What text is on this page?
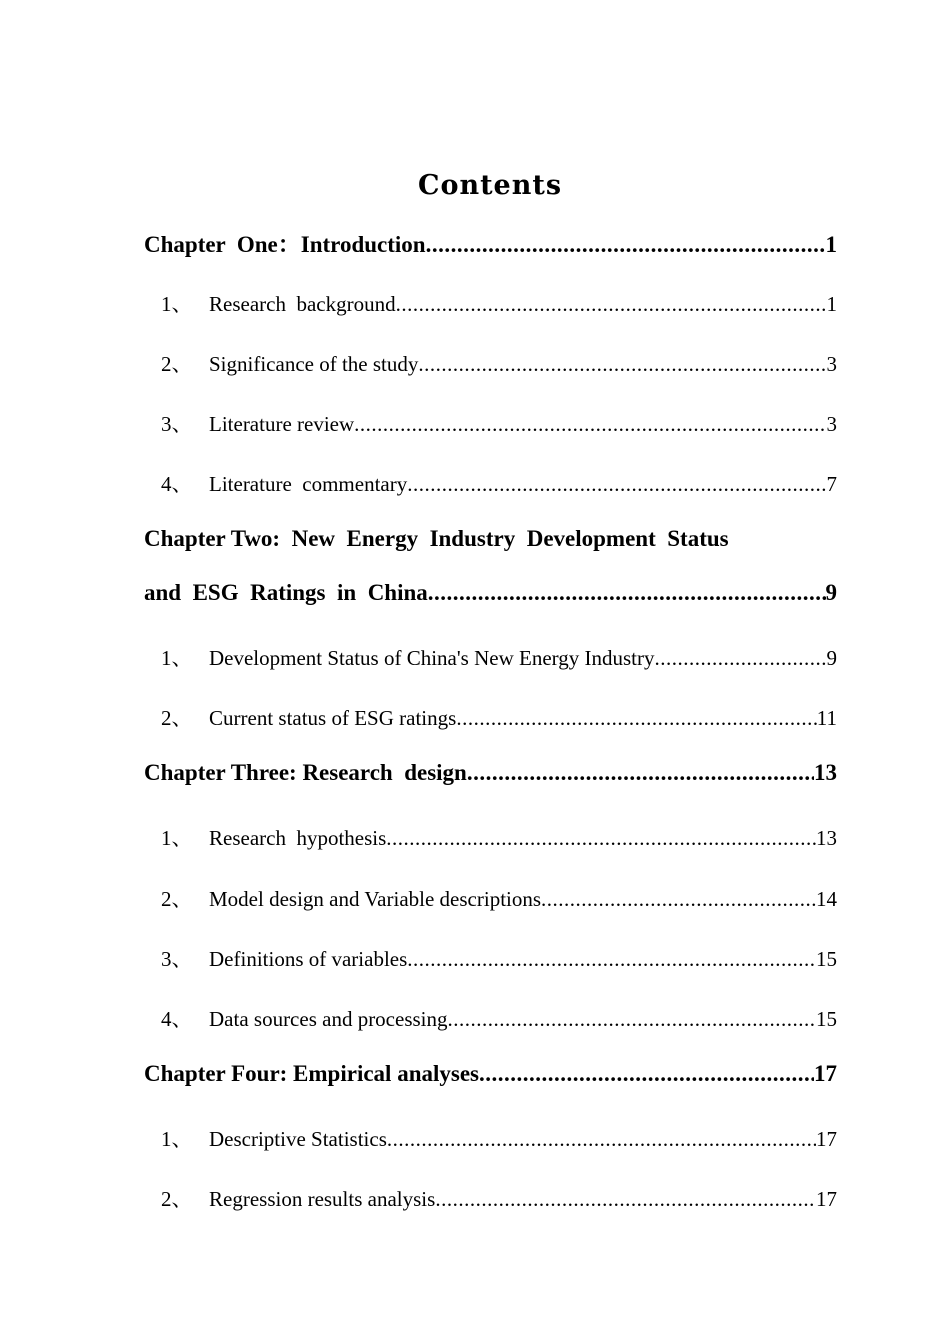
Contents
Chapter  One：Introduction .....	1
1、 Research  background .....	1
2、 Significance of the study .....	3
3、 Literature review .....	3
4、 Literature  commentary .....	7
Chapter Two:  New  Energy  Industry  Development  Status
and  ESG  Ratings  in  China .....	9
1、 Development Status of China's New Energy Industry .....	9
2、 Current status of ESG ratings .....	11
Chapter Three: Research  design .....	13
1、 Research  hypothesis .....	13
2、 Model design and Variable descriptions .....	14
3、 Definitions of variables .....	15
4、 Data sources and processing .....	15
Chapter Four: Empirical analyses .....	17
1、 Descriptive Statistics .....	17
2、 Regression results analysis .....	17
